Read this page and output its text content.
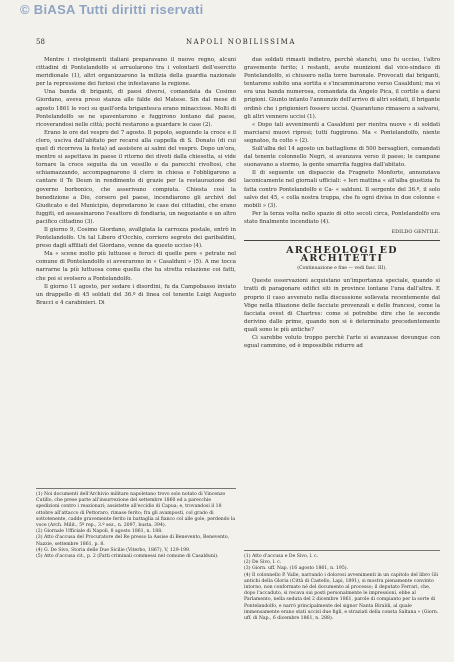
© BiASA Tutti diritti riservati
58	NAPOLI NOBILISSIMA

Mentre i rivolgimenti italiani preparavano il nuovo regno, alcuni cittadini di Pontelandolfo si arruolarono tra i volontarii dell'esercito meridionale (1), altri organizzarono la milizia della guardia nazionale per la repressione dei furiosi che infestavano la regione.

Una banda di briganti, di paesi diversi, comandata da Cosimo Giordano, aveva preso stanza alle falde del Matese. Sin dal mese di agosto 1861 le voci su quell'orda brigantesca erano minacciose. Molti di Pontelandolfo se ne spaventarono e fuggirono lontano dal paese, ricoverandosi nelle città; pochi restarono a guardare le case (2).

Erano le ore del vespro del 7 agosto. Il popolo, seguendo la croce e il clero, uscìva dall'abitato per recarsi alla cappella di S. Donato (di cui quel dì ricorreva la festa) ad assistere ai salmi del vespro. Dopo un'ora, mentre si aspettava in paese il ritorno dei divoti dalla chiesetta, si vide tornare la croce seguita da un vessillo e da parecchi rivoltosi, che schiamazzando, accompagnarono il clero in chiesa e l'obbligarono a cantare il Te Deum in rendimento di grazie per la restaurazione del governo borbonico, che asserivano compiuta. Chiesta così la benedizione a Dio, corsero pel paese, incendiarono gli archivi del Giudicato e del Municipio, depredarono le case dei cittadini, che erano fuggiti, ed assassinarono l'esattore di fondiaria, un negoziante e un altro pacifico cittadino (3).

Il giorno 9, Cosimo Giordano, avallgiata la carrozza postale, entrò in Pontelandolfo. Un tal Libero d'Occhio, corriero segreto dei garibaldini, preso dagli affiliati del Giordano, venne da questo ucciso (4).

Ma « scene molto più luttuose e feroci di quelle pere « petrate nel comune di Pontelandolfo si avverarono in « Casalduni » (5). A me tocca narrarne la più luttuosa come quella che ha stretta relazione coi fatti, che poi si svolsero a Pontelandolfo.

Il giorno 11 agosto, per sedare i disordini, fu da Campobasso inviato un drappello di 45 soldati del 36.º di linea col tenente Luigi Augusto Bracci e 4 carabinieri. Di

(1) Noi documenti dell'Archivio militare napoletano trovo solo notato di Vincenzo Cutillo, che prese parte all'insurrezione del settembre 1860 ed a parecchie spedizioni contro i reazionari; assistette all'eccidio di Capua; e, trovandosi il 18 ottobre all'attacco di Pettoraro, rimase ferito; fra gli avamposti, col grado di sottotenente, cadde gravemente ferito in battaglia al fianco col alle gole, perdendo la voce (Arch. Milit., 5º rep., 3.º sez., n. 2097, busta. 394).

(2) Giornale Ufficiale di Napoli, 8 agosto 1861, n. 188.

(3) Atto d'accusa del Procuratore del Re presso la Assise di Benevento, Benevento, Nazzie, settembre 1861, p. 8.

(4) G. De Sivo, Storia delle Due Sicilie (Viterbo, 1867), V, 129-199.

(5) Atto d'accusa cit., p. 2 (Fatti criminali commessi nel comune di Casalduni).

due soldati rimasti indietro, perchè stanchi, uno fu ucciso, l'altro gravemente ferito; i restanti, avute munizioni dal vice-sindaco di Pontelandolfo, si chiusero nella torre baronale. Provocati dai briganti, tentarono subito una sortita e s'incamminarono verso Casalduni; ma vi era una banda numerosa, comandata da Angelo Pica, il cortile a darsi prigioni. Giunto intanto l'annunzio dell'arrivo di altri soldati, il brigante ordinò che i prigionieri fossero uccisi. Quarantuno rimasero a salvarsi, gli altri vennero uccisi (1).

« Dopo tali avvenimenti a Casalduni per rientra nuove « di soldati marciarsi muovi ripresi; tutti fuggirono. Ma « Pontelandolfo, niente segnatoo, fu colto » (2).

Sull'alba del 14 agosto un battaglione di 500 bersaglieri, comandati dal tenente colonnello Negri, si avanzava verso il paese; le campane suonavano a stormo, la gente smarrita fuggiva dall'abitato.

Il di seguente un dispaccio da Fragneto Monforte, annunziava laconicamente nel giornali ufficiali: « Ieri mattina « all'alba giustizia fu fatta contro Pontelandolfo e Ca- « salduni. Il sergente del 36.º, il solo salvo dei 45, « colla nostra truppa, che fu ogni divisa in due colonne « mobili » (3).

Per la terza volta nello spazio di otto secoli circa, Pontelandolfo era stato finalmente incendiato (4).

EDILDO GENTILE.
ARCHEOLOGI ED ARCHITETTI
(Continuazione e fine — vedi fasc. III).

Queste osservazioni acquistano un'importanza speciale, quando si tratti di paragonare edifici siti in province lontane l'una dall'altra. E proprio il caso avvenuto nella discussione sollevata recentemente dal Vöge nella filiazione delle facciate provenzali e delle francesi, come la facciata ovest di Chartres: come si potrebbe dire che le seconde derivino dalle prime, quando non si è determinato precedentemente quali sono le più antiche?

Ci sarebbe voluto troppo perchè l'arte si avanzasse dovunque con egual cammino, ed è impossibile ridurre ad

(1) Atto d'accusa e De Sivo, l. c.

(2) De Sivo, l. c.

(3) Giorn. uff. Nap. (16 agosto 1861, n. 195).

(4) Il colonnello P. Valle, narrando i dolorosi avvenimenti in un capitolo del libro Gli antichi della Gloria (Città di Castello, Lapi, 1891), si mostra pienamente convinto intorno, non conformato né del documento al processo; il deputato Ferrari, che, dopo l'accaduto, si recava sui posti personalmente le impressioni, ebbe al Parlamento, nella seduta del 2 dicembre 1861, parole di compianto per la sorte di Pontelandolfo, e narrò principalmente del signor Nanta Biraldi, al quale immensamente erano stati uccisi due figli, e straziati della consta Saltana » (Giorn. uff. di Nap., 6 dicembre 1861, n. 288).
